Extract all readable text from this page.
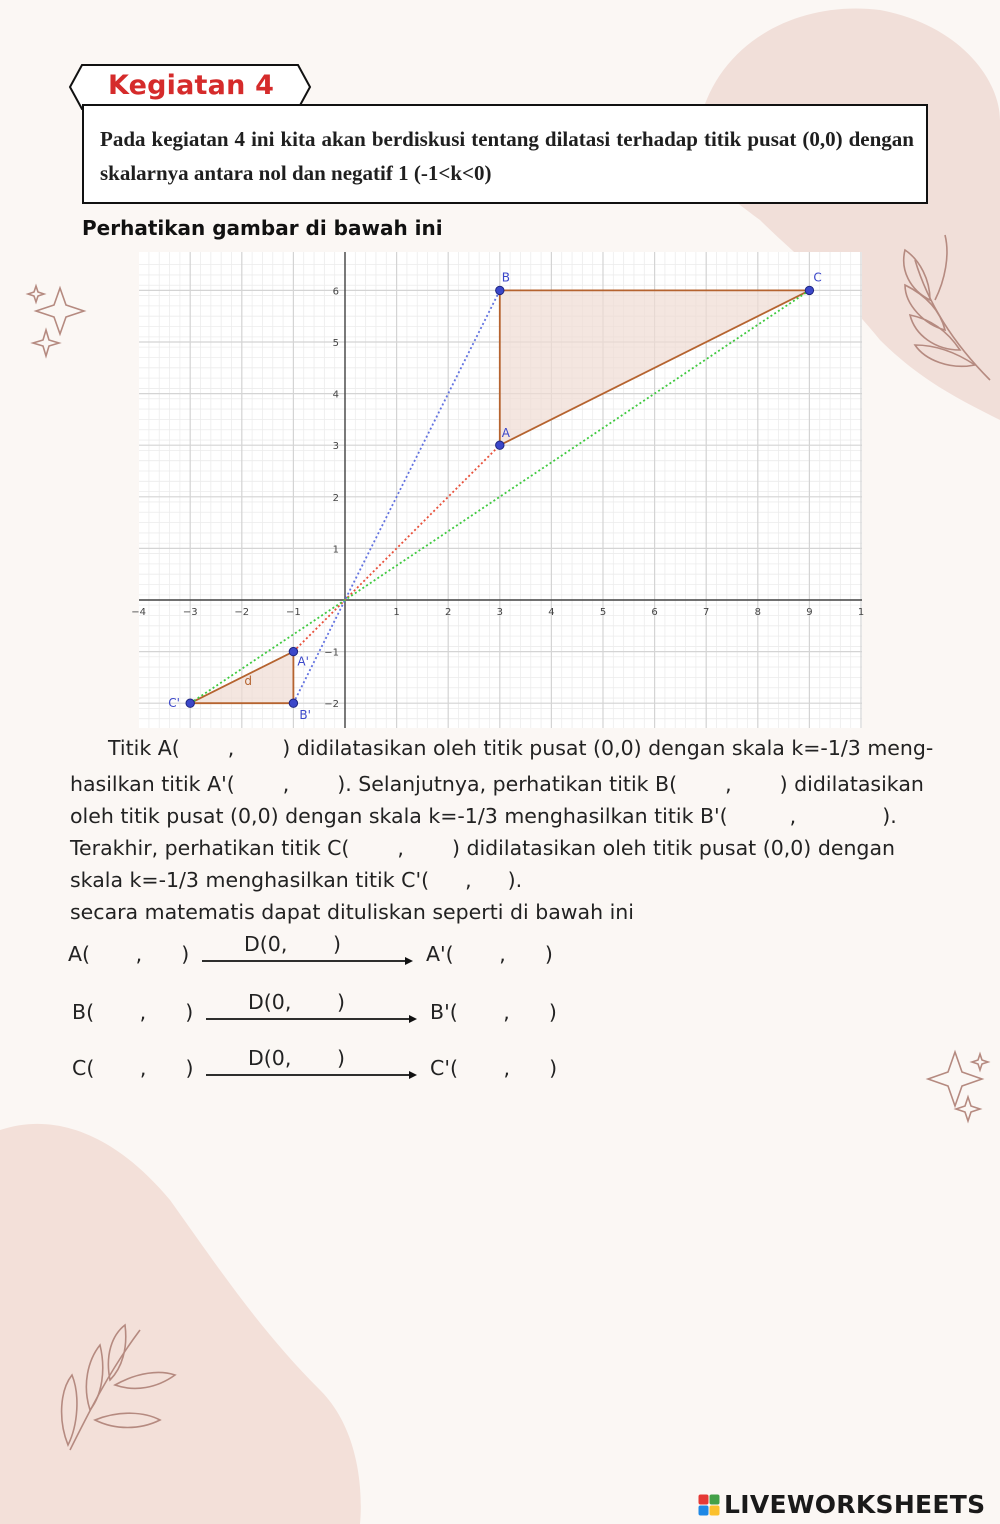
Kegiatan 4
Pada kegiatan 4 ini kita akan berdiskusi tentang dilatasi terhadap titik pusat (0,0) dengan skalarnya antara nol dan negatif 1 (-1<k<0)
Perhatikan gambar di bawah ini
−4	−3	−2	−1	1	2	3	4	5	6	7	8	9	1
6
5
4
3
2
1
−1
−2
A
B	C
A'
B'
C'
d
Titik A( , ) didilatasikan oleh titik pusat (0,0) dengan skala k=-1/3 meng-
hasilkan titik A'( , ). Selanjutnya, perhatikan titik B( , ) didilatasikan
oleh titik pusat (0,0) dengan skala k=-1/3 menghasilkan titik B'(	,	).
Terakhir, perhatikan titik C( , ) didilatasikan oleh titik pusat (0,0) dengan
skala k=-1/3 menghasilkan titik C'( , ).
secara matematis dapat dituliskan seperti di bawah ini
A(       ,      )	D(0,       )	A'(       ,      )
B(       ,      )	D(0,       )	B'(       ,      )
C(       ,      )	D(0,       )	C'(       ,      )
LIVEWORKSHEETS
